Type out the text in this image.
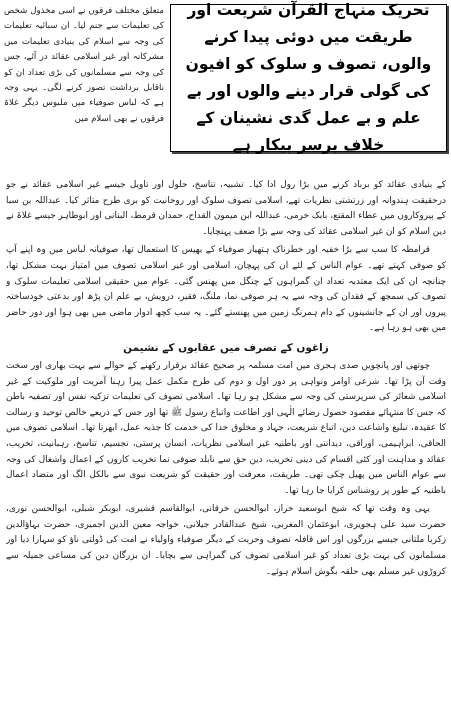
تحریک منہاج القرآن شریعت اور طریقت میں دوئی پیدا کرنے والوں، تصوف و سلوک کو افیون کی گولی قرار دینے والوں اور بے علم و بے عمل گدی نشینان کے خلاف برسر پیکار ہے
متعلق مختلف فرقوں نے اسی مخذول شخص کی تعلیمات سے جنم لیا۔ ان سبائیہ تعلیمات کی وجہ سے اسلام کی بنیادی تعلیمات میں مشرکانہ اور غیر اسلامی عقائد در آئے، جس کی وجہ سے مسلمانوں کی بڑی تعداد ان کو ناقابل برداشت تصور کرنے لگی۔ یہی وجہ ہے کہ لباس صوفیاء میں ملبوس دیگر غلاۃ فرقوں نے بھی اسلام میں

کے بنیادی عقائد کو برباد کرنے میں بڑا رول ادا کیا۔ تشبیہ، تناسخ، حلول اور تاویل جیسے غیر اسلامی عقائد نے جو درحقیقت ہندوانہ اور زرتشتی نظریات تھے، اسلامی تصوف سلوک اور روحانیت کو بری طرح متاثر کیا۔ عبداللہ بن سبا کے پیروکاروں میں عطاء المقنع، بابک خرمی، عبداللہ ابن میمون القداح، حمدان قرمط، البنانی اور ابوطاہر جیسے غلاۃ نے دین اسلام کو ان غیر اسلامی عقائد کی وجہ سے بڑا ضعف پہنچایا۔

قرامطہ کا سب سے بڑا خفیہ اور خطرناک ہتھیار صوفیاء کے بھیس کا استعمال تھا، صوفیانہ لباس میں وہ اپنے آپ کو صوفی کہتے تھے۔ عوام الناس کے لئے ان کی پہچان، اسلامی اور غیر اسلامی تصوف میں امتیاز بہت مشکل تھا، چنانچہ ان کی ایک معتدبہ تعداد ان گمراہوں کے چنگل میں پھنس گئی۔ عوام میں حقیقی اسلامی تعلیمات سلوک و تصوف کی سمجھ کے فقدان کی وجہ سے یہ ہر صوفی نما، ملنگ، فقیر، درویش، بے علم ان پڑھ اور بدعتی خودساختہ پیروں اور ان کے جانشینوں کے دام ہمرنگ زمین میں پھنستے گئے۔ یہ سب کچھ ادوار ماضی میں بھی ہوا اور دور حاضر میں بھی ہو رہا ہے۔

زاغوں کے تصرف میں عقابوں کے نشیمن

چوتھی اور پانچویں صدی ہجری میں امت مسلمہ پر صحیح عقائد برقرار رکھنے کے حوالے سے بہت بھاری اور سخت وقت آن پڑا تھا۔ شرعی اوامر ونواہی پر دور اول و دوم کی طرح مکمل عمل پیرا رہنا آمریت اور ملوکیت کے غیر اسلامی شعائر کی سرپرستی کی وجہ سے مشکل ہو رہا تھا۔ اسلامی تصوف کی تعلیمات تزکیہ نفس اور تصفیہ باطن کہ جس کا منتہائے مقصود حصول رضائے الٰہی اور اطاعت واتباع رسول ﷺ تھا اور جس کے ذریعے خالص توحید و رسالت کا عقیدہ، تبلیغ واشاعت دین، اتباع شریعت، جہاد و مخلوق خدا کی خدمت کا جذبہ عمل، ابھرتا تھا۔ اسلامی تصوف میں الحاقی، ابراہیمی، اوراقی، دیدانتی اور باطنیہ غیر اسلامی نظریات، انسان پرستی، تجسیم، تناسخ، رہبانیت، تخریب، عقائد و مداہنت اور کئی اقسام کی دینی تخریب، دین حق سے نابلد صوفی نما تخریب کاروں کے اعمال واشغال کی وجہ سے عوام الناس میں پھیل چکی تھی۔ طریقت، معرفت اور حقیقت کو شریعت نبوی سے بالکل الگ اور متضاد اعمال باطنیہ کے طور پر روشناس کرایا جا رہا تھا۔

یہی وہ وقت تھا کہ شیخ ابوسعید خراز، ابوالحسن خرقانی، ابوالقاسم قشیری، ابوبکر شبلی، ابوالحسن نوری، حضرت سید علی ہجویری، ابوعثمان المغربی، شیخ عبدالقادر جیلانی، خواجہ معین الدین اجمیری، حضرت بہاؤالدین زکریا ملتانی جیسے بزرگوں اور اس قافلہ تصوف وحریت کے دیگر صوفیاء واولیاء نے امت کی ڈولتی ناؤ کو سہارا دیا اور مسلمانوں کی بہت بڑی تعداد کو غیر اسلامی تصوف کی گمراہی سے بچایا۔ ان بزرگان دین کی مساعی جمیلہ سے کروڑوں غیر مسلم بھی حلقہ بگوش اسلام ہوئے۔
